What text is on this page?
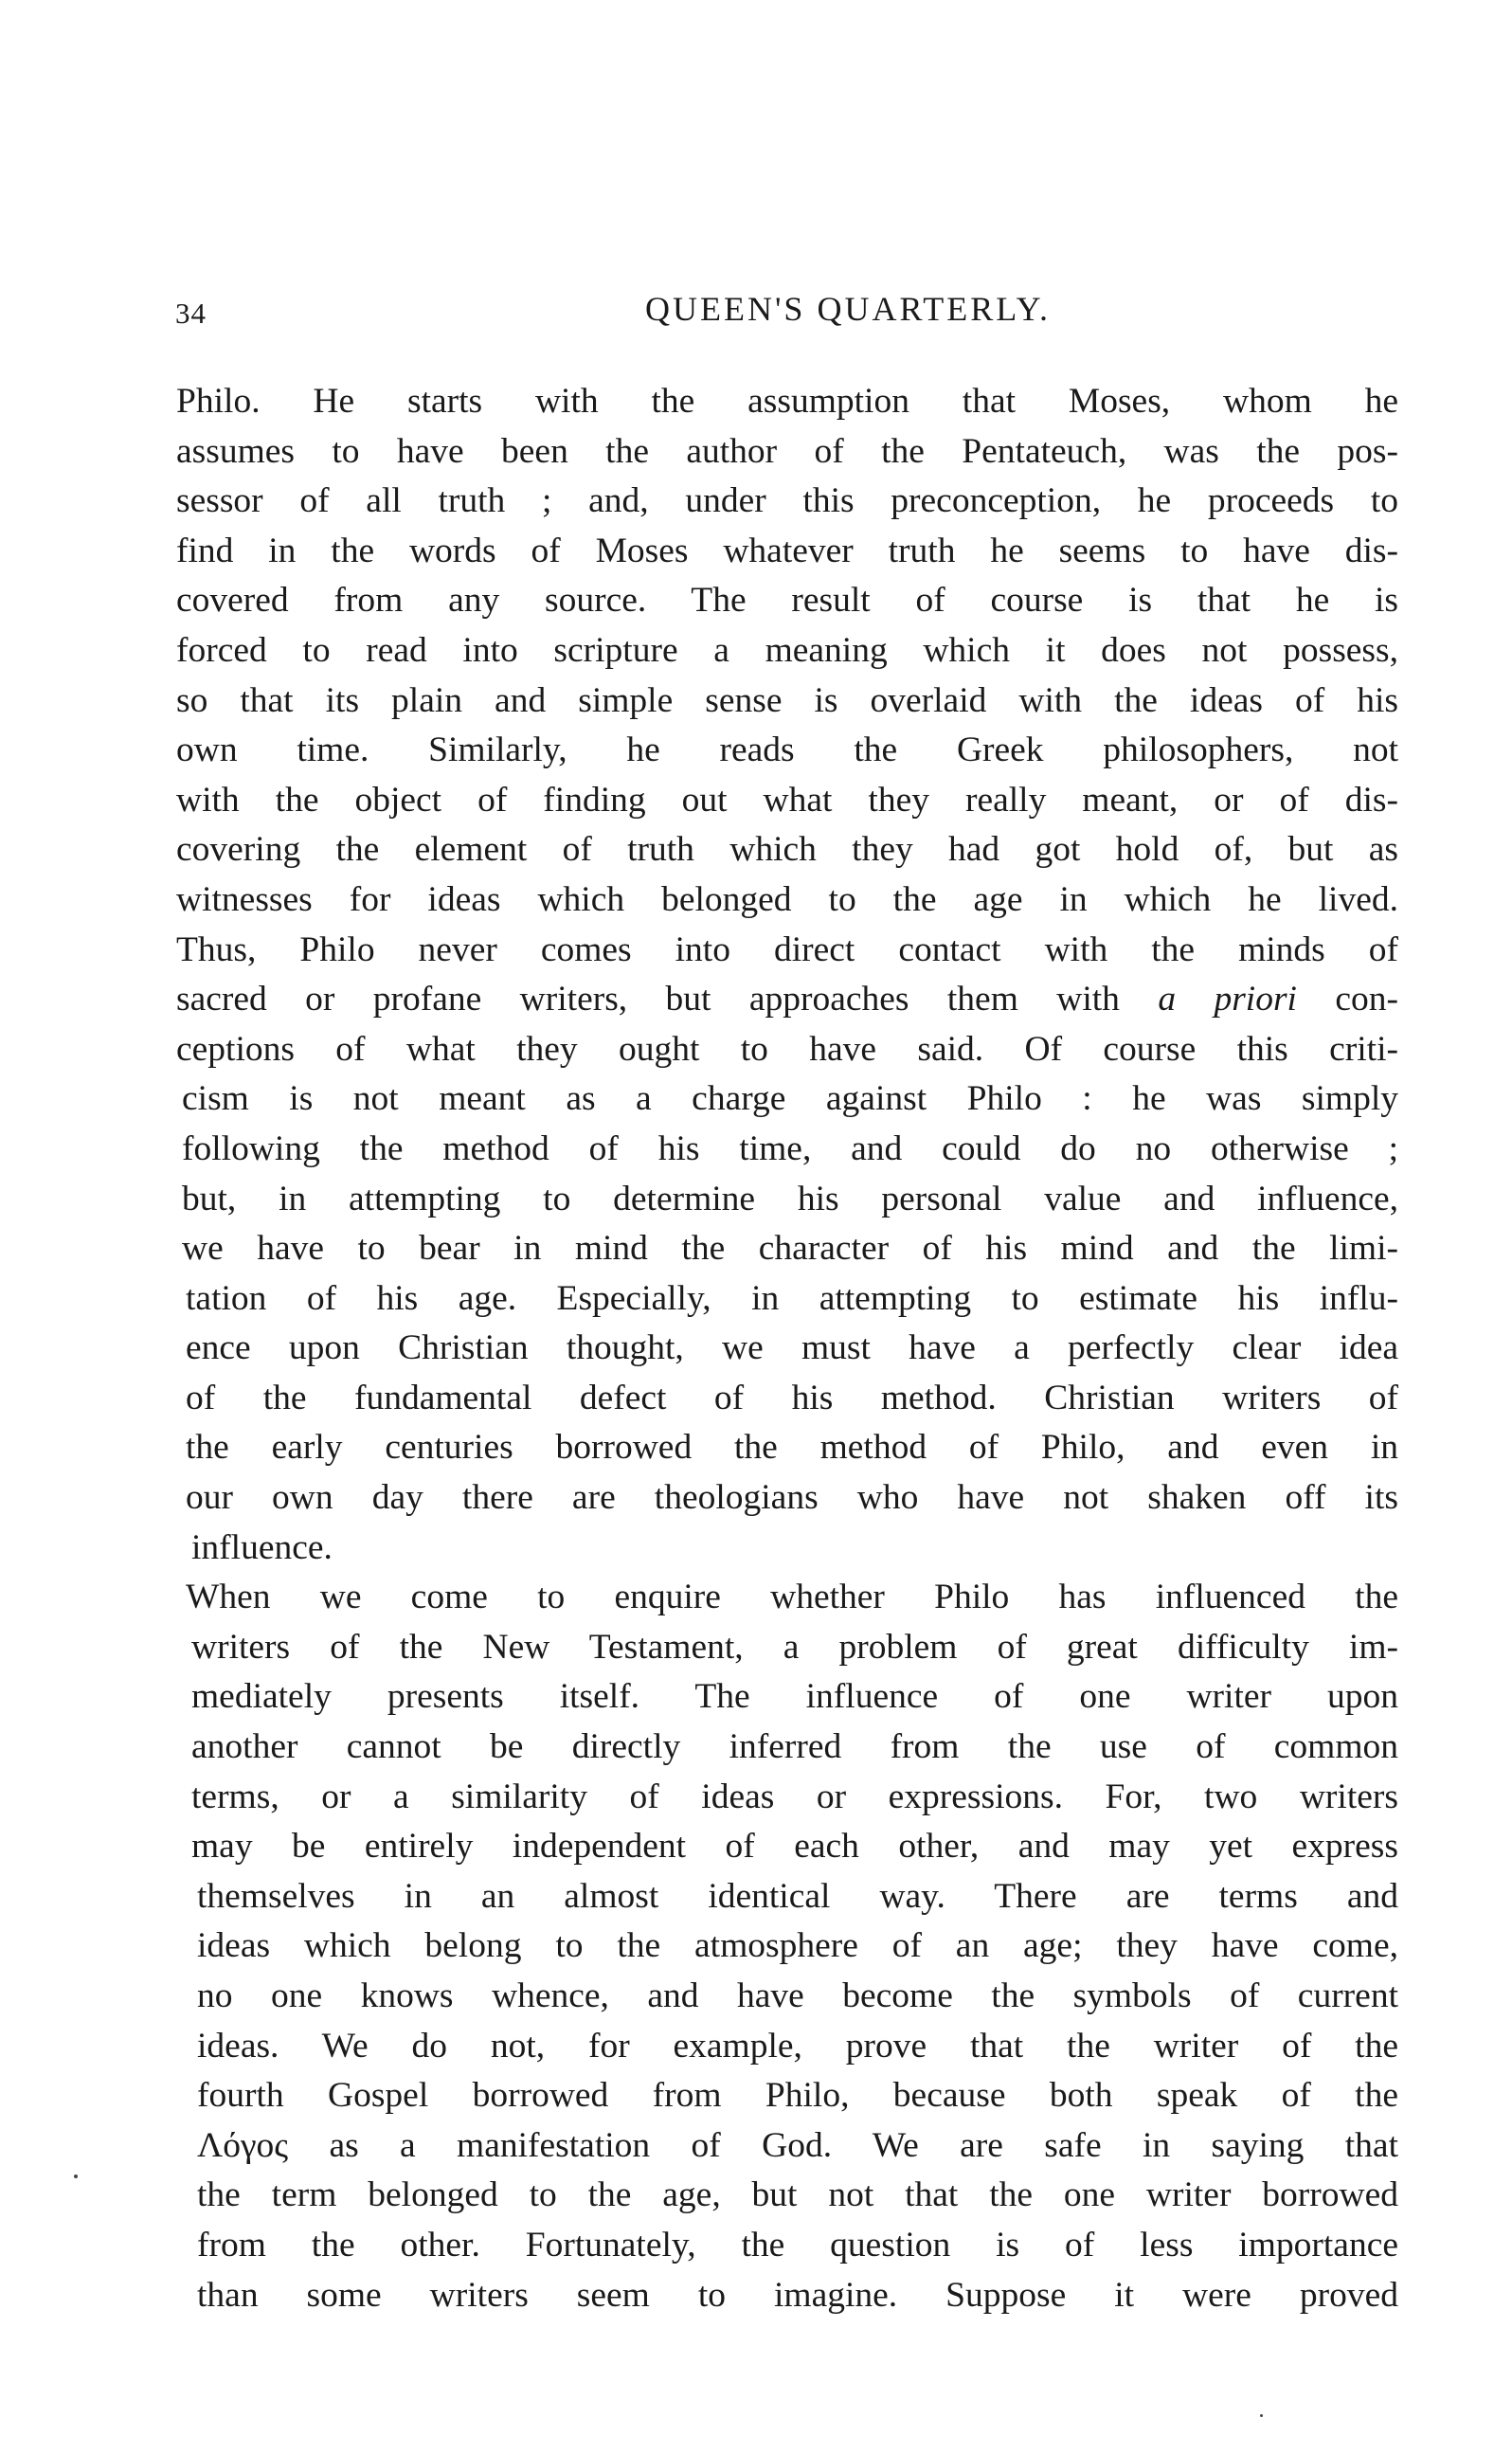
34	QUEEN'S QUARTERLY.

Philo. He starts with the assumption that Moses, whom he
assumes to have been the author of the Pentateuch, was the pos-
sessor of all truth ; and, under this preconception, he proceeds to
find in the words of Moses whatever truth he seems to have dis-
covered from any source. The result of course is that he is
forced to read into scripture a meaning which it does not possess,
so that its plain and simple sense is overlaid with the ideas of his
own time. Similarly, he reads the Greek philosophers, not
with the object of finding out what they really meant, or of dis-
covering the element of truth which they had got hold of, but as
witnesses for ideas which belonged to the age in which he lived.
Thus, Philo never comes into direct contact with the minds of
sacred or profane writers, but approaches them with a priori con-
ceptions of what they ought to have said. Of course this criti-
cism is not meant as a charge against Philo : he was simply
following the method of his time, and could do no otherwise ;
but, in attempting to determine his personal value and influence,
we have to bear in mind the character of his mind and the limi-
tation of his age. Especially, in attempting to estimate his influ-
ence upon Christian thought, we must have a perfectly clear idea
of the fundamental defect of his method. Christian writers of
the early centuries borrowed the method of Philo, and even in
our own day there are theologians who have not shaken off its
influence.

When we come to enquire whether Philo has influenced the
writers of the New Testament, a problem of great difficulty im-
mediately presents itself. The influence of one writer upon
another cannot be directly inferred from the use of common
terms, or a similarity of ideas or expressions. For, two writers
may be entirely independent of each other, and may yet express
themselves in an almost identical way. There are terms and
ideas which belong to the atmosphere of an age; they have come,
no one knows whence, and have become the symbols of current
ideas. We do not, for example, prove that the writer of the
fourth Gospel borrowed from Philo, because both speak of the
Λόγος as a manifestation of God. We are safe in saying that
the term belonged to the age, but not that the one writer borrowed
from the other. Fortunately, the question is of less importance
than some writers seem to imagine. Suppose it were proved
